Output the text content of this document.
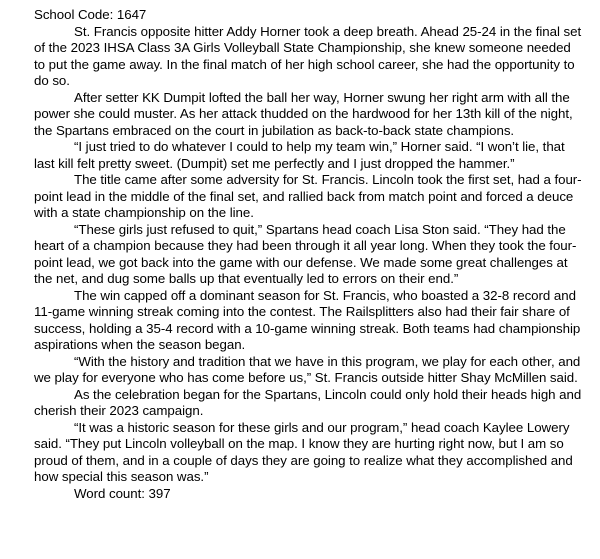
School Code: 1647

St. Francis opposite hitter Addy Horner took a deep breath. Ahead 25-24 in the final set of the 2023 IHSA Class 3A Girls Volleyball State Championship, she knew someone needed to put the game away. In the final match of her high school career, she had the opportunity to do so.

After setter KK Dumpit lofted the ball her way, Horner swung her right arm with all the power she could muster. As her attack thudded on the hardwood for her 13th kill of the night, the Spartans embraced on the court in jubilation as back-to-back state champions.

“I just tried to do whatever I could to help my team win,” Horner said. “I won’t lie, that last kill felt pretty sweet. (Dumpit) set me perfectly and I just dropped the hammer.”

The title came after some adversity for St. Francis. Lincoln took the first set, had a four-point lead in the middle of the final set, and rallied back from match point and forced a deuce with a state championship on the line.

“These girls just refused to quit,” Spartans head coach Lisa Ston said. “They had the heart of a champion because they had been through it all year long. When they took the four-point lead, we got back into the game with our defense. We made some great challenges at the net, and dug some balls up that eventually led to errors on their end.”

The win capped off a dominant season for St. Francis, who boasted a 32-8 record and 11-game winning streak coming into the contest. The Railsplitters also had their fair share of success, holding a 35-4 record with a 10-game winning streak. Both teams had championship aspirations when the season began.

“With the history and tradition that we have in this program, we play for each other, and we play for everyone who has come before us,” St. Francis outside hitter Shay McMillen said.

As the celebration began for the Spartans, Lincoln could only hold their heads high and cherish their 2023 campaign.

“It was a historic season for these girls and our program,” head coach Kaylee Lowery said. “They put Lincoln volleyball on the map. I know they are hurting right now, but I am so proud of them, and in a couple of days they are going to realize what they accomplished and how special this season was.”

Word count: 397
